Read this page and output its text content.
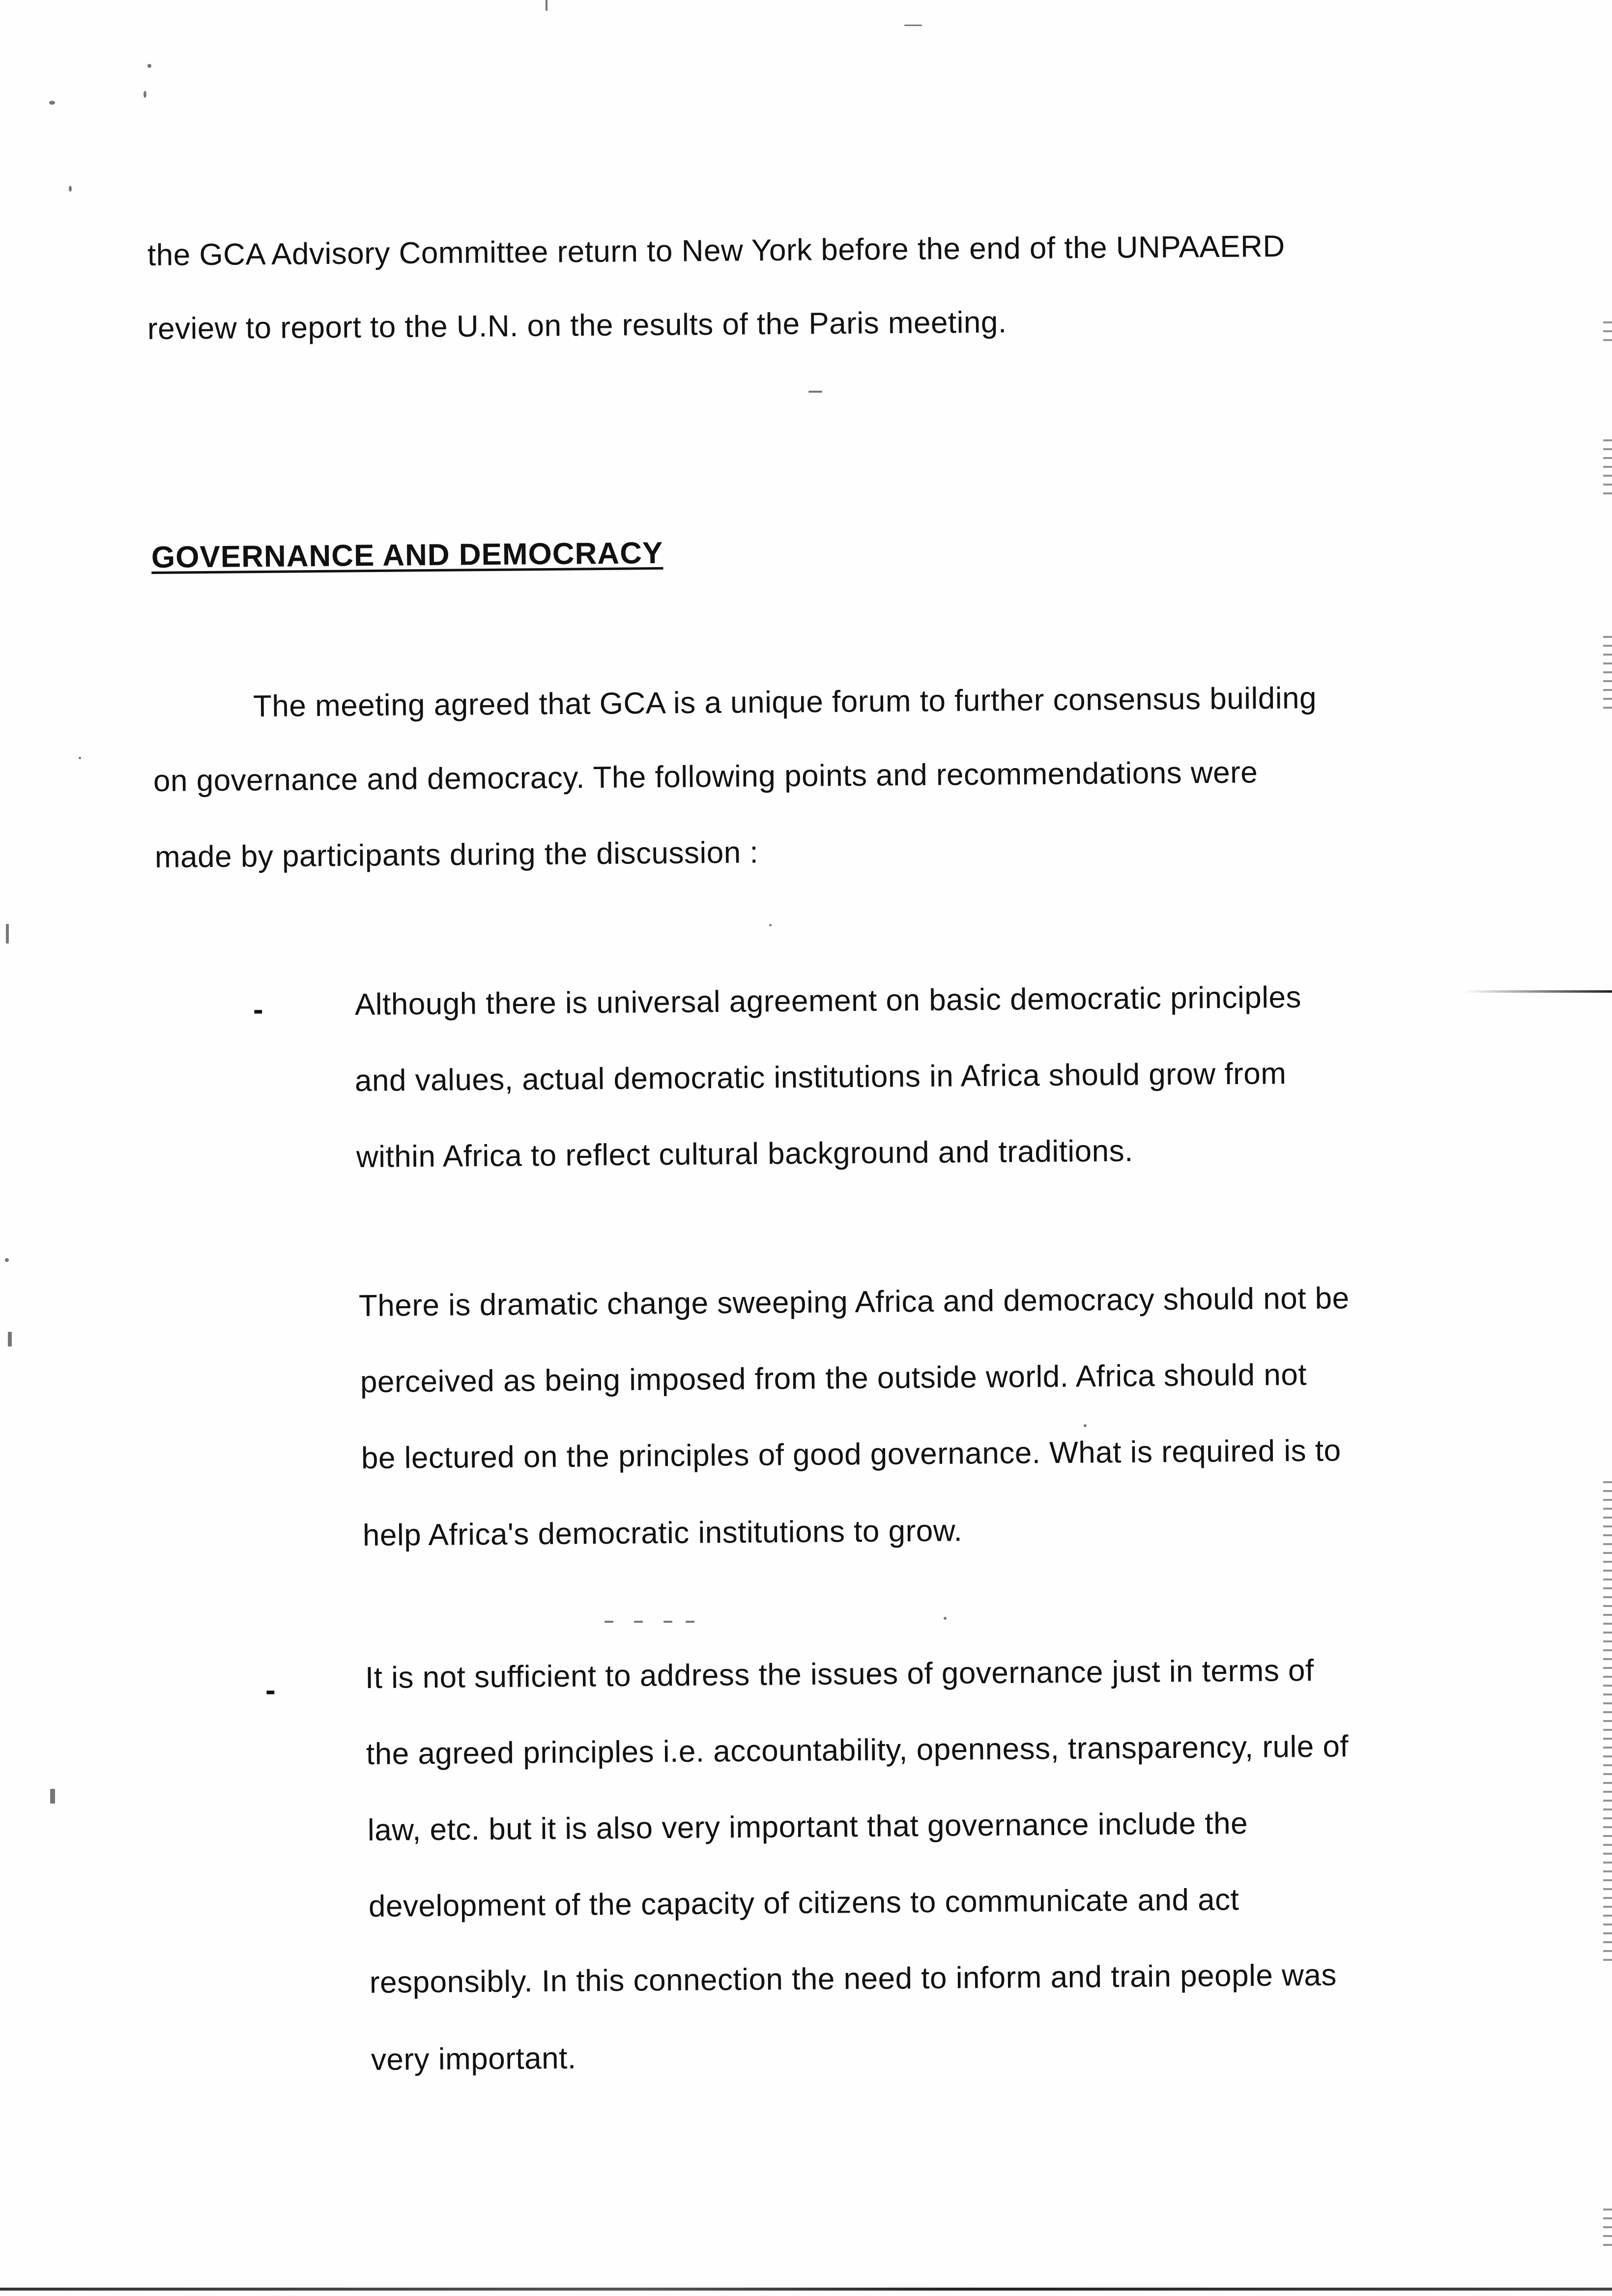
the GCA Advisory Committee return to New York before the end of the UNPAAERD
review to report to the U.N. on the results of the Paris meeting.
GOVERNANCE AND DEMOCRACY
The meeting agreed that GCA is a unique forum to further consensus building
on governance and democracy. The following points and recommendations were
made by participants during the discussion :
-	Although there is universal agreement on basic democratic principles
and values, actual democratic institutions in Africa should grow from
within Africa to reflect cultural background and traditions.
There is dramatic change sweeping Africa and democracy should not be
perceived as being imposed from the outside world. Africa should not
be lectured on the principles of good governance. What is required is to
help Africa's democratic institutions to grow.
-	It is not sufficient to address the issues of governance just in terms of
the agreed principles i.e. accountability, openness, transparency, rule of
law, etc. but it is also very important that governance include the
development of the capacity of citizens to communicate and act
responsibly. In this connection the need to inform and train people was
very important.
